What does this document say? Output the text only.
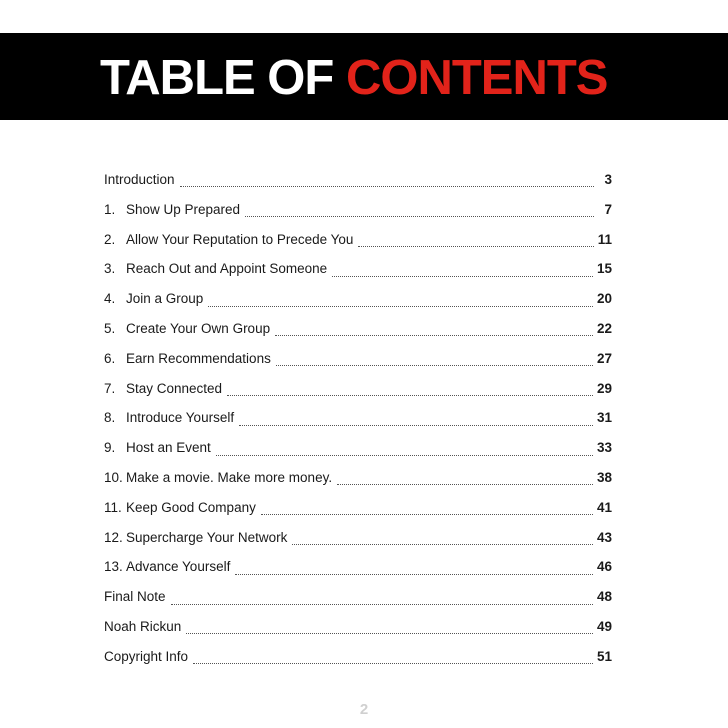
TABLE OF CONTENTS
Introduction	3
1. Show Up Prepared	7
2. Allow Your Reputation to Precede You	11
3. Reach Out and Appoint Someone	15
4. Join a Group	20
5. Create Your Own Group	22
6. Earn Recommendations	27
7. Stay Connected	29
8. Introduce Yourself	31
9. Host an Event	33
10. Make a movie. Make more money.	38
11. Keep Good Company	41
12. Supercharge Your Network	43
13. Advance Yourself	46
Final Note	48
Noah Rickun	49
Copyright Info	51
2
